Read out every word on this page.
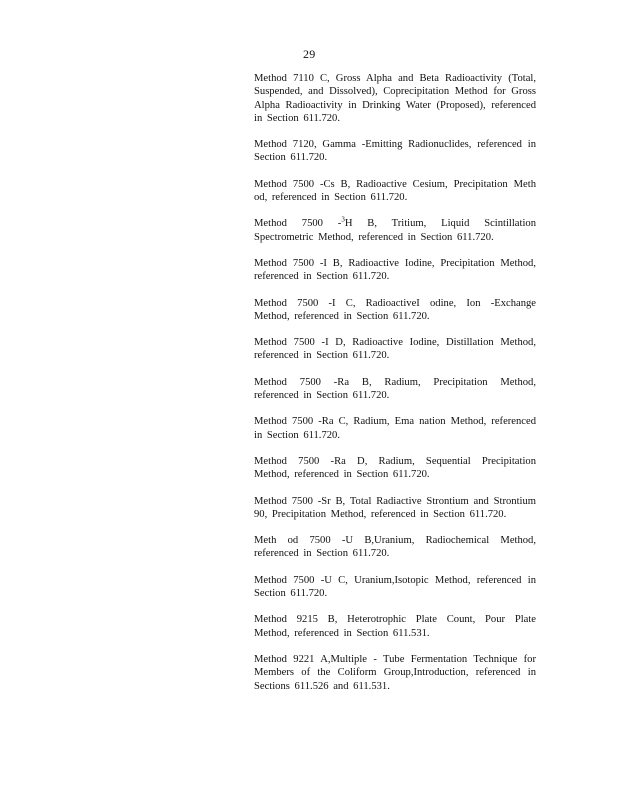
29
Method 7110 C, Gross Alpha and Beta Radioactivity (Total, Suspended, and Dissolved), Coprecipitation Method for Gross Alpha Radioactivity in Drinking Water (Proposed), referenced in Section 611.720.
Method 7120, Gamma -Emitting Radionuclides, referenced in Section 611.720.
Method 7500 -Cs B, Radioactive Cesium, Precipitation Meth od, referenced in Section 611.720.
Method 7500 -$^3$H B, Tritium, Liquid Scintillation Spectrometric Method, referenced in Section 611.720.
Method 7500 -I B, Radioactive Iodine, Precipitation Method, referenced in Section 611.720.
Method 7500 -I C, RadioactiveI odine, Ion -Exchange Method, referenced in Section 611.720.
Method 7500 -I D, Radioactive Iodine, Distillation Method, referenced in Section 611.720.
Method 7500 -Ra B, Radium, Precipitation Method, referenced in Section 611.720.
Method 7500 -Ra C, Radium, Ema nation Method, referenced in Section 611.720.
Method 7500 -Ra D, Radium, Sequential Precipitation Method, referenced in Section 611.720.
Method 7500 -Sr B, Total Radiactive Strontium and Strontium 90, Precipitation Method, referenced in Section 611.720.
Meth od 7500 -U B,Uranium, Radiochemical Method, referenced in Section 611.720.
Method 7500 -U C, Uranium,Isotopic Method, referenced in Section 611.720.
Method 9215 B, Heterotrophic Plate Count, Pour Plate Method, referenced in Section 611.531.
Method 9221 A,Multiple - Tube Fermentation Technique for Members of the Coliform Group,Introduction, referenced in Sections 611.526 and 611.531.
